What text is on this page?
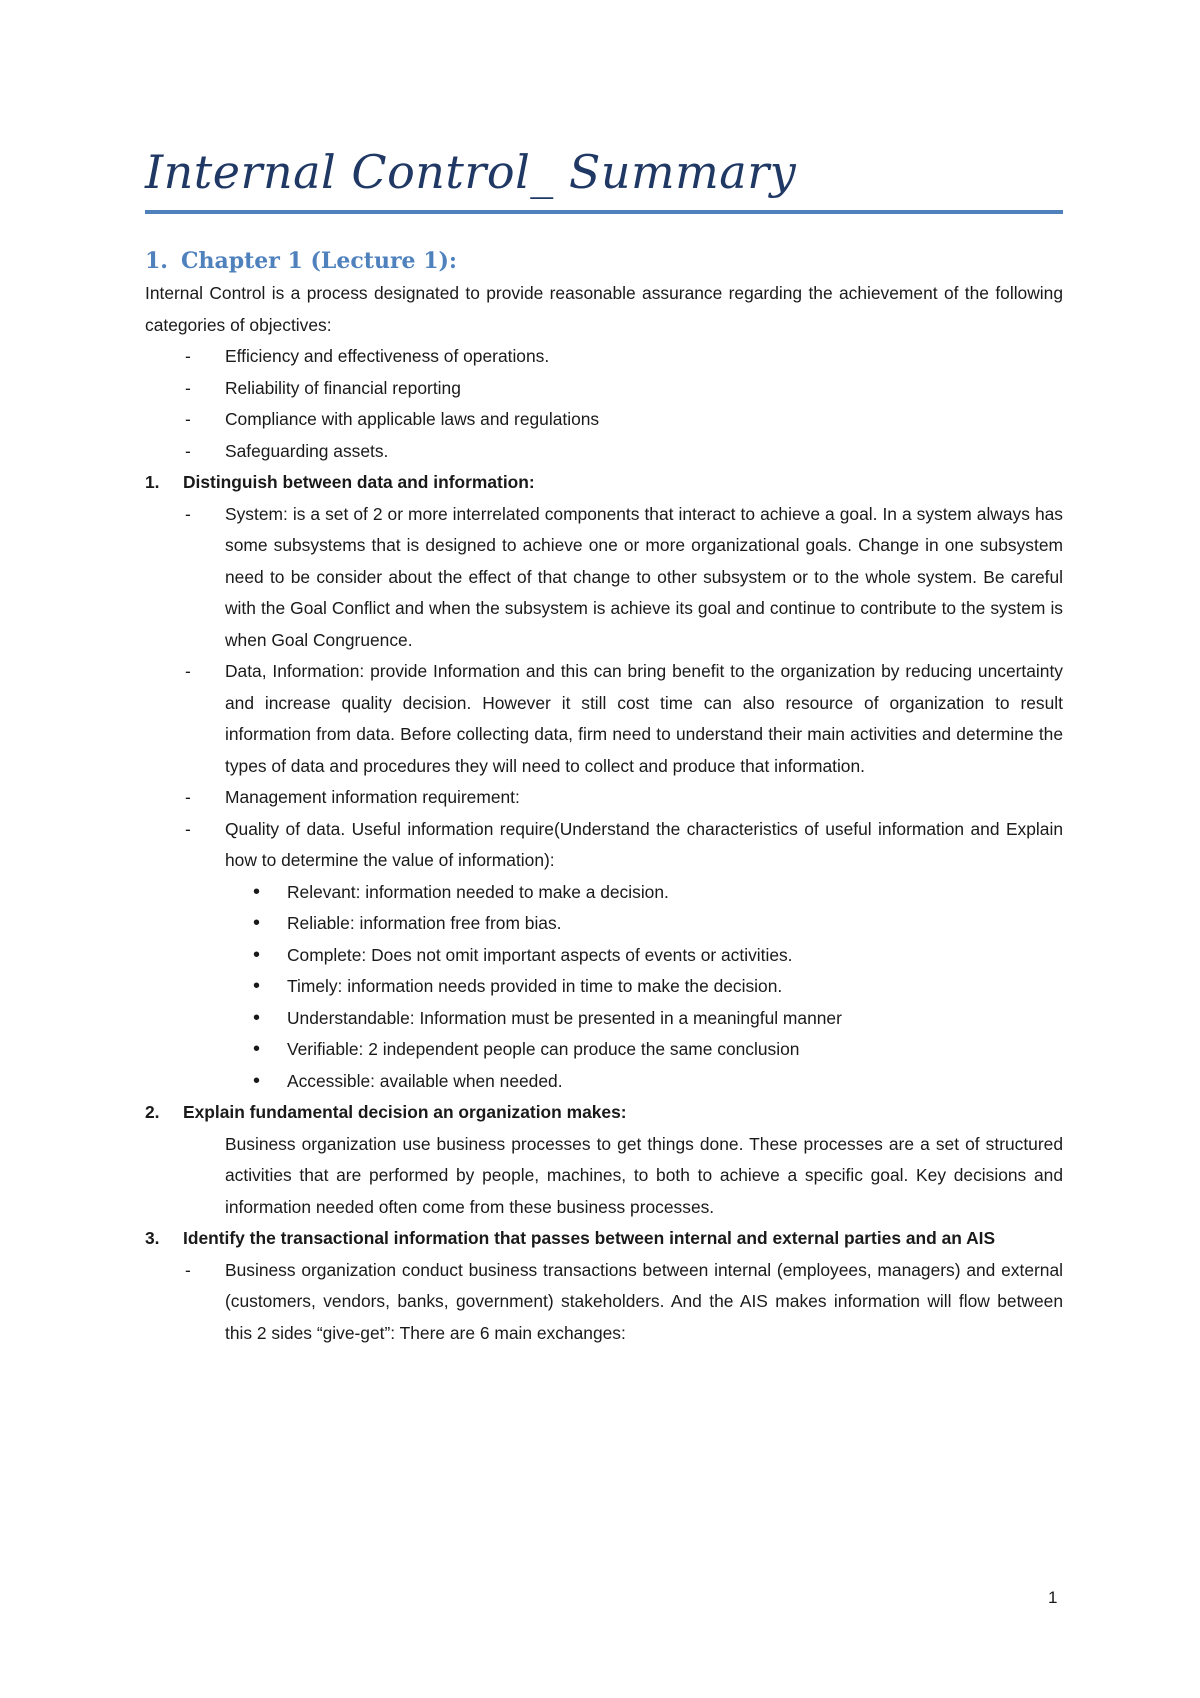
Internal Control_ Summary
1. Chapter 1 (Lecture 1):

Internal Control is a process designated to provide reasonable assurance regarding the achievement of the following categories of objectives:

-	Efficiency and effectiveness of operations.
-	Reliability of financial reporting
-	Compliance with applicable laws and regulations
-	Safeguarding assets.
1.	Distinguish between data and information:
-	System: is a set of 2 or more interrelated components that interact to achieve a goal. In a system always has some subsystems that is designed to achieve one or more organizational goals. Change in one subsystem need to be consider about the effect of that change to other subsystem or to the whole system. Be careful with the Goal Conflict and when the subsystem is achieve its goal and continue to contribute to the system is when Goal Congruence.
-	Data, Information: provide Information and this can bring benefit to the organization by reducing uncertainty and increase quality decision. However it still cost time can also resource of organization to result information from data. Before collecting data, firm need to understand their main activities and determine the types of data and procedures they will need to collect and produce that information.
-	Management information requirement:
-	Quality of data. Useful information require(Understand the characteristics of useful information and Explain how to determine the value of information):
•	Relevant: information needed to make a decision.
•	Reliable: information free from bias.
•	Complete: Does not omit important aspects of events or activities.
•	Timely: information needs provided in time to make the decision.
•	Understandable: Information must be presented in a meaningful manner
•	Verifiable: 2 independent people can produce the same conclusion
•	Accessible: available when needed.
2.	Explain fundamental decision an organization makes:

Business organization use business processes to get things done. These processes are a set of structured activities that are performed by people, machines, to both to achieve a specific goal. Key decisions and information needed often come from these business processes.

3.	Identify the transactional information that passes between internal and external parties and an AIS
-	Business organization conduct business transactions between internal (employees, managers) and external (customers, vendors, banks, government) stakeholders. And the AIS makes information will flow between this 2 sides “give-get”: There are 6 main exchanges:
1
